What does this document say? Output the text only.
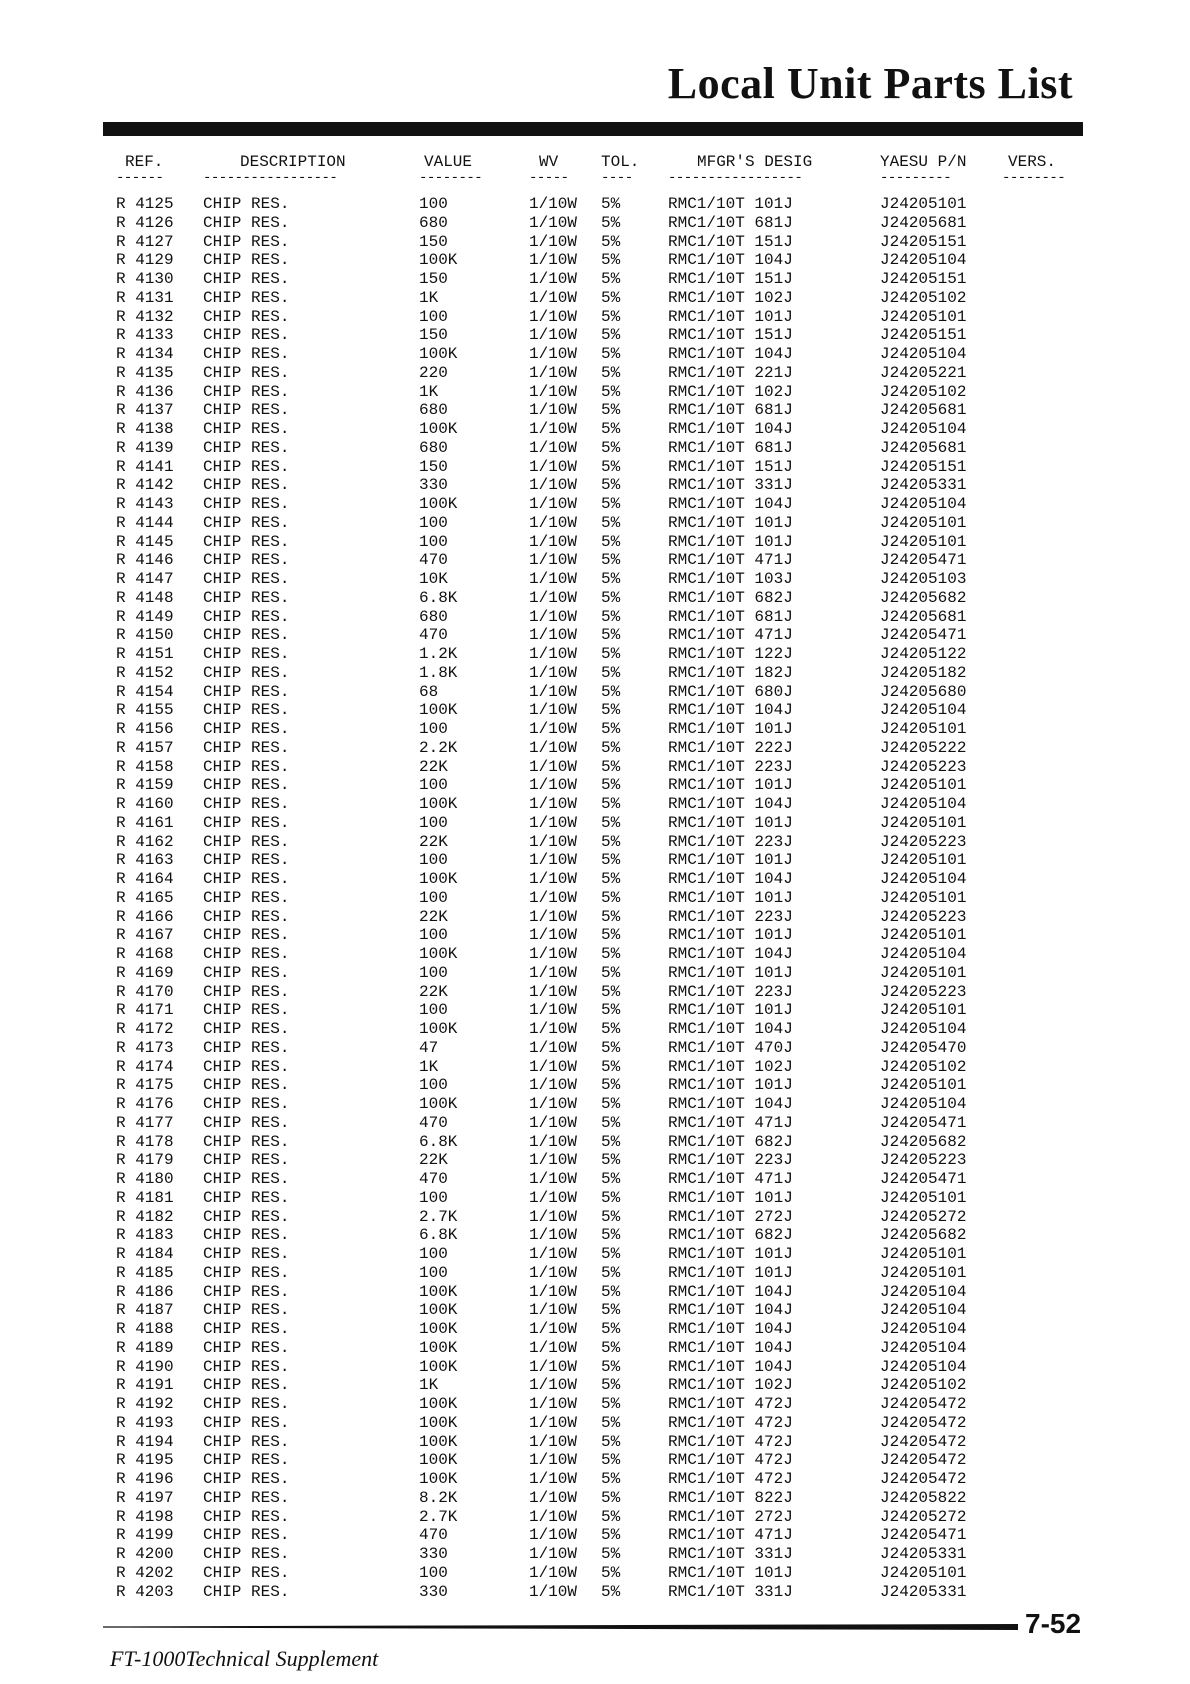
Local Unit Parts List
REF.	DESCRIPTION	VALUE	WV	TOL.	MFGR'S DESIG	YAESU P/N	VERS.
------	-----------------	--------	----- ----	-----------------	---------	--------
R 4125 CHIP RES.	100	1/10W 5%	RMC1/10T 101J	J24205101
R 4126 CHIP RES.	680	1/10W 5%	RMC1/10T 681J	J24205681
R 4127 CHIP RES.	150	1/10W 5%	RMC1/10T 151J	J24205151
R 4129 CHIP RES.	100K	1/10W 5%	RMC1/10T 104J	J24205104
R 4130 CHIP RES.	150	1/10W 5%	RMC1/10T 151J	J24205151
R 4131 CHIP RES.	1K	1/10W 5%	RMC1/10T 102J	J24205102
R 4132 CHIP RES.	100	1/10W 5%	RMC1/10T 101J	J24205101
R 4133 CHIP RES.	150	1/10W 5%	RMC1/10T 151J	J24205151
R 4134 CHIP RES.	100K	1/10W 5%	RMC1/10T 104J	J24205104
R 4135 CHIP RES.	220	1/10W 5%	RMC1/10T 221J	J24205221
R 4136 CHIP RES.	1K	1/10W 5%	RMC1/10T 102J	J24205102
R 4137 CHIP RES.	680	1/10W 5%	RMC1/10T 681J	J24205681
R 4138 CHIP RES.	100K	1/10W 5%	RMC1/10T 104J	J24205104
R 4139 CHIP RES.	680	1/10W 5%	RMC1/10T 681J	J24205681
R 4141 CHIP RES.	150	1/10W 5%	RMC1/10T 151J	J24205151
R 4142 CHIP RES.	330	1/10W 5%	RMC1/10T 331J	J24205331
R 4143 CHIP RES.	100K	1/10W 5%	RMC1/10T 104J	J24205104
R 4144 CHIP RES.	100	1/10W 5%	RMC1/10T 101J	J24205101
R 4145 CHIP RES.	100	1/10W 5%	RMC1/10T 101J	J24205101
R 4146 CHIP RES.	470	1/10W 5%	RMC1/10T 471J	J24205471
R 4147 CHIP RES.	10K	1/10W 5%	RMC1/10T 103J	J24205103
R 4148 CHIP RES.	6.8K	1/10W 5%	RMC1/10T 682J	J24205682
R 4149 CHIP RES.	680	1/10W 5%	RMC1/10T 681J	J24205681
R 4150 CHIP RES.	470	1/10W 5%	RMC1/10T 471J	J24205471
R 4151 CHIP RES.	1.2K	1/10W 5%	RMC1/10T 122J	J24205122
R 4152 CHIP RES.	1.8K	1/10W 5%	RMC1/10T 182J	J24205182
R 4154 CHIP RES.	68	1/10W 5%	RMC1/10T 680J	J24205680
R 4155 CHIP RES.	100K	1/10W 5%	RMC1/10T 104J	J24205104
R 4156 CHIP RES.	100	1/10W 5%	RMC1/10T 101J	J24205101
R 4157 CHIP RES.	2.2K	1/10W 5%	RMC1/10T 222J	J24205222
R 4158 CHIP RES.	22K	1/10W 5%	RMC1/10T 223J	J24205223
R 4159 CHIP RES.	100	1/10W 5%	RMC1/10T 101J	J24205101
R 4160 CHIP RES.	100K	1/10W 5%	RMC1/10T 104J	J24205104
R 4161 CHIP RES.	100	1/10W 5%	RMC1/10T 101J	J24205101
R 4162 CHIP RES.	22K	1/10W 5%	RMC1/10T 223J	J24205223
R 4163 CHIP RES.	100	1/10W 5%	RMC1/10T 101J	J24205101
R 4164 CHIP RES.	100K	1/10W 5%	RMC1/10T 104J	J24205104
R 4165 CHIP RES.	100	1/10W 5%	RMC1/10T 101J	J24205101
R 4166 CHIP RES.	22K	1/10W 5%	RMC1/10T 223J	J24205223
R 4167 CHIP RES.	100	1/10W 5%	RMC1/10T 101J	J24205101
R 4168 CHIP RES.	100K	1/10W 5%	RMC1/10T 104J	J24205104
R 4169 CHIP RES.	100	1/10W 5%	RMC1/10T 101J	J24205101
R 4170 CHIP RES.	22K	1/10W 5%	RMC1/10T 223J	J24205223
R 4171 CHIP RES.	100	1/10W 5%	RMC1/10T 101J	J24205101
R 4172 CHIP RES.	100K	1/10W 5%	RMC1/10T 104J	J24205104
R 4173 CHIP RES.	47	1/10W 5%	RMC1/10T 470J	J24205470
R 4174 CHIP RES.	1K	1/10W 5%	RMC1/10T 102J	J24205102
R 4175 CHIP RES.	100	1/10W 5%	RMC1/10T 101J	J24205101
R 4176 CHIP RES.	100K	1/10W 5%	RMC1/10T 104J	J24205104
R 4177 CHIP RES.	470	1/10W 5%	RMC1/10T 471J	J24205471
R 4178 CHIP RES.	6.8K	1/10W 5%	RMC1/10T 682J	J24205682
R 4179 CHIP RES.	22K	1/10W 5%	RMC1/10T 223J	J24205223
R 4180 CHIP RES.	470	1/10W 5%	RMC1/10T 471J	J24205471
R 4181 CHIP RES.	100	1/10W 5%	RMC1/10T 101J	J24205101
R 4182 CHIP RES.	2.7K	1/10W 5%	RMC1/10T 272J	J24205272
R 4183 CHIP RES.	6.8K	1/10W 5%	RMC1/10T 682J	J24205682
R 4184 CHIP RES.	100	1/10W 5%	RMC1/10T 101J	J24205101
R 4185 CHIP RES.	100	1/10W 5%	RMC1/10T 101J	J24205101
R 4186 CHIP RES.	100K	1/10W 5%	RMC1/10T 104J	J24205104
R 4187 CHIP RES.	100K	1/10W 5%	RMC1/10T 104J	J24205104
R 4188 CHIP RES.	100K	1/10W 5%	RMC1/10T 104J	J24205104
R 4189 CHIP RES.	100K	1/10W 5%	RMC1/10T 104J	J24205104
R 4190 CHIP RES.	100K	1/10W 5%	RMC1/10T 104J	J24205104
R 4191 CHIP RES.	1K	1/10W 5%	RMC1/10T 102J	J24205102
R 4192 CHIP RES.	100K	1/10W 5%	RMC1/10T 472J	J24205472
R 4193 CHIP RES.	100K	1/10W 5%	RMC1/10T 472J	J24205472
R 4194 CHIP RES.	100K	1/10W 5%	RMC1/10T 472J	J24205472
R 4195 CHIP RES.	100K	1/10W 5%	RMC1/10T 472J	J24205472
R 4196 CHIP RES.	100K	1/10W 5%	RMC1/10T 472J	J24205472
R 4197 CHIP RES.	8.2K	1/10W 5%	RMC1/10T 822J	J24205822
R 4198 CHIP RES.	2.7K	1/10W 5%	RMC1/10T 272J	J24205272
R 4199 CHIP RES.	470	1/10W 5%	RMC1/10T 471J	J24205471
R 4200 CHIP RES.	330	1/10W 5%	RMC1/10T 331J	J24205331
R 4202 CHIP RES.	100	1/10W 5%	RMC1/10T 101J	J24205101
R 4203 CHIP RES.	330	1/10W 5%	RMC1/10T 331J	J24205331
7-52
FT-1000Technical Supplement
